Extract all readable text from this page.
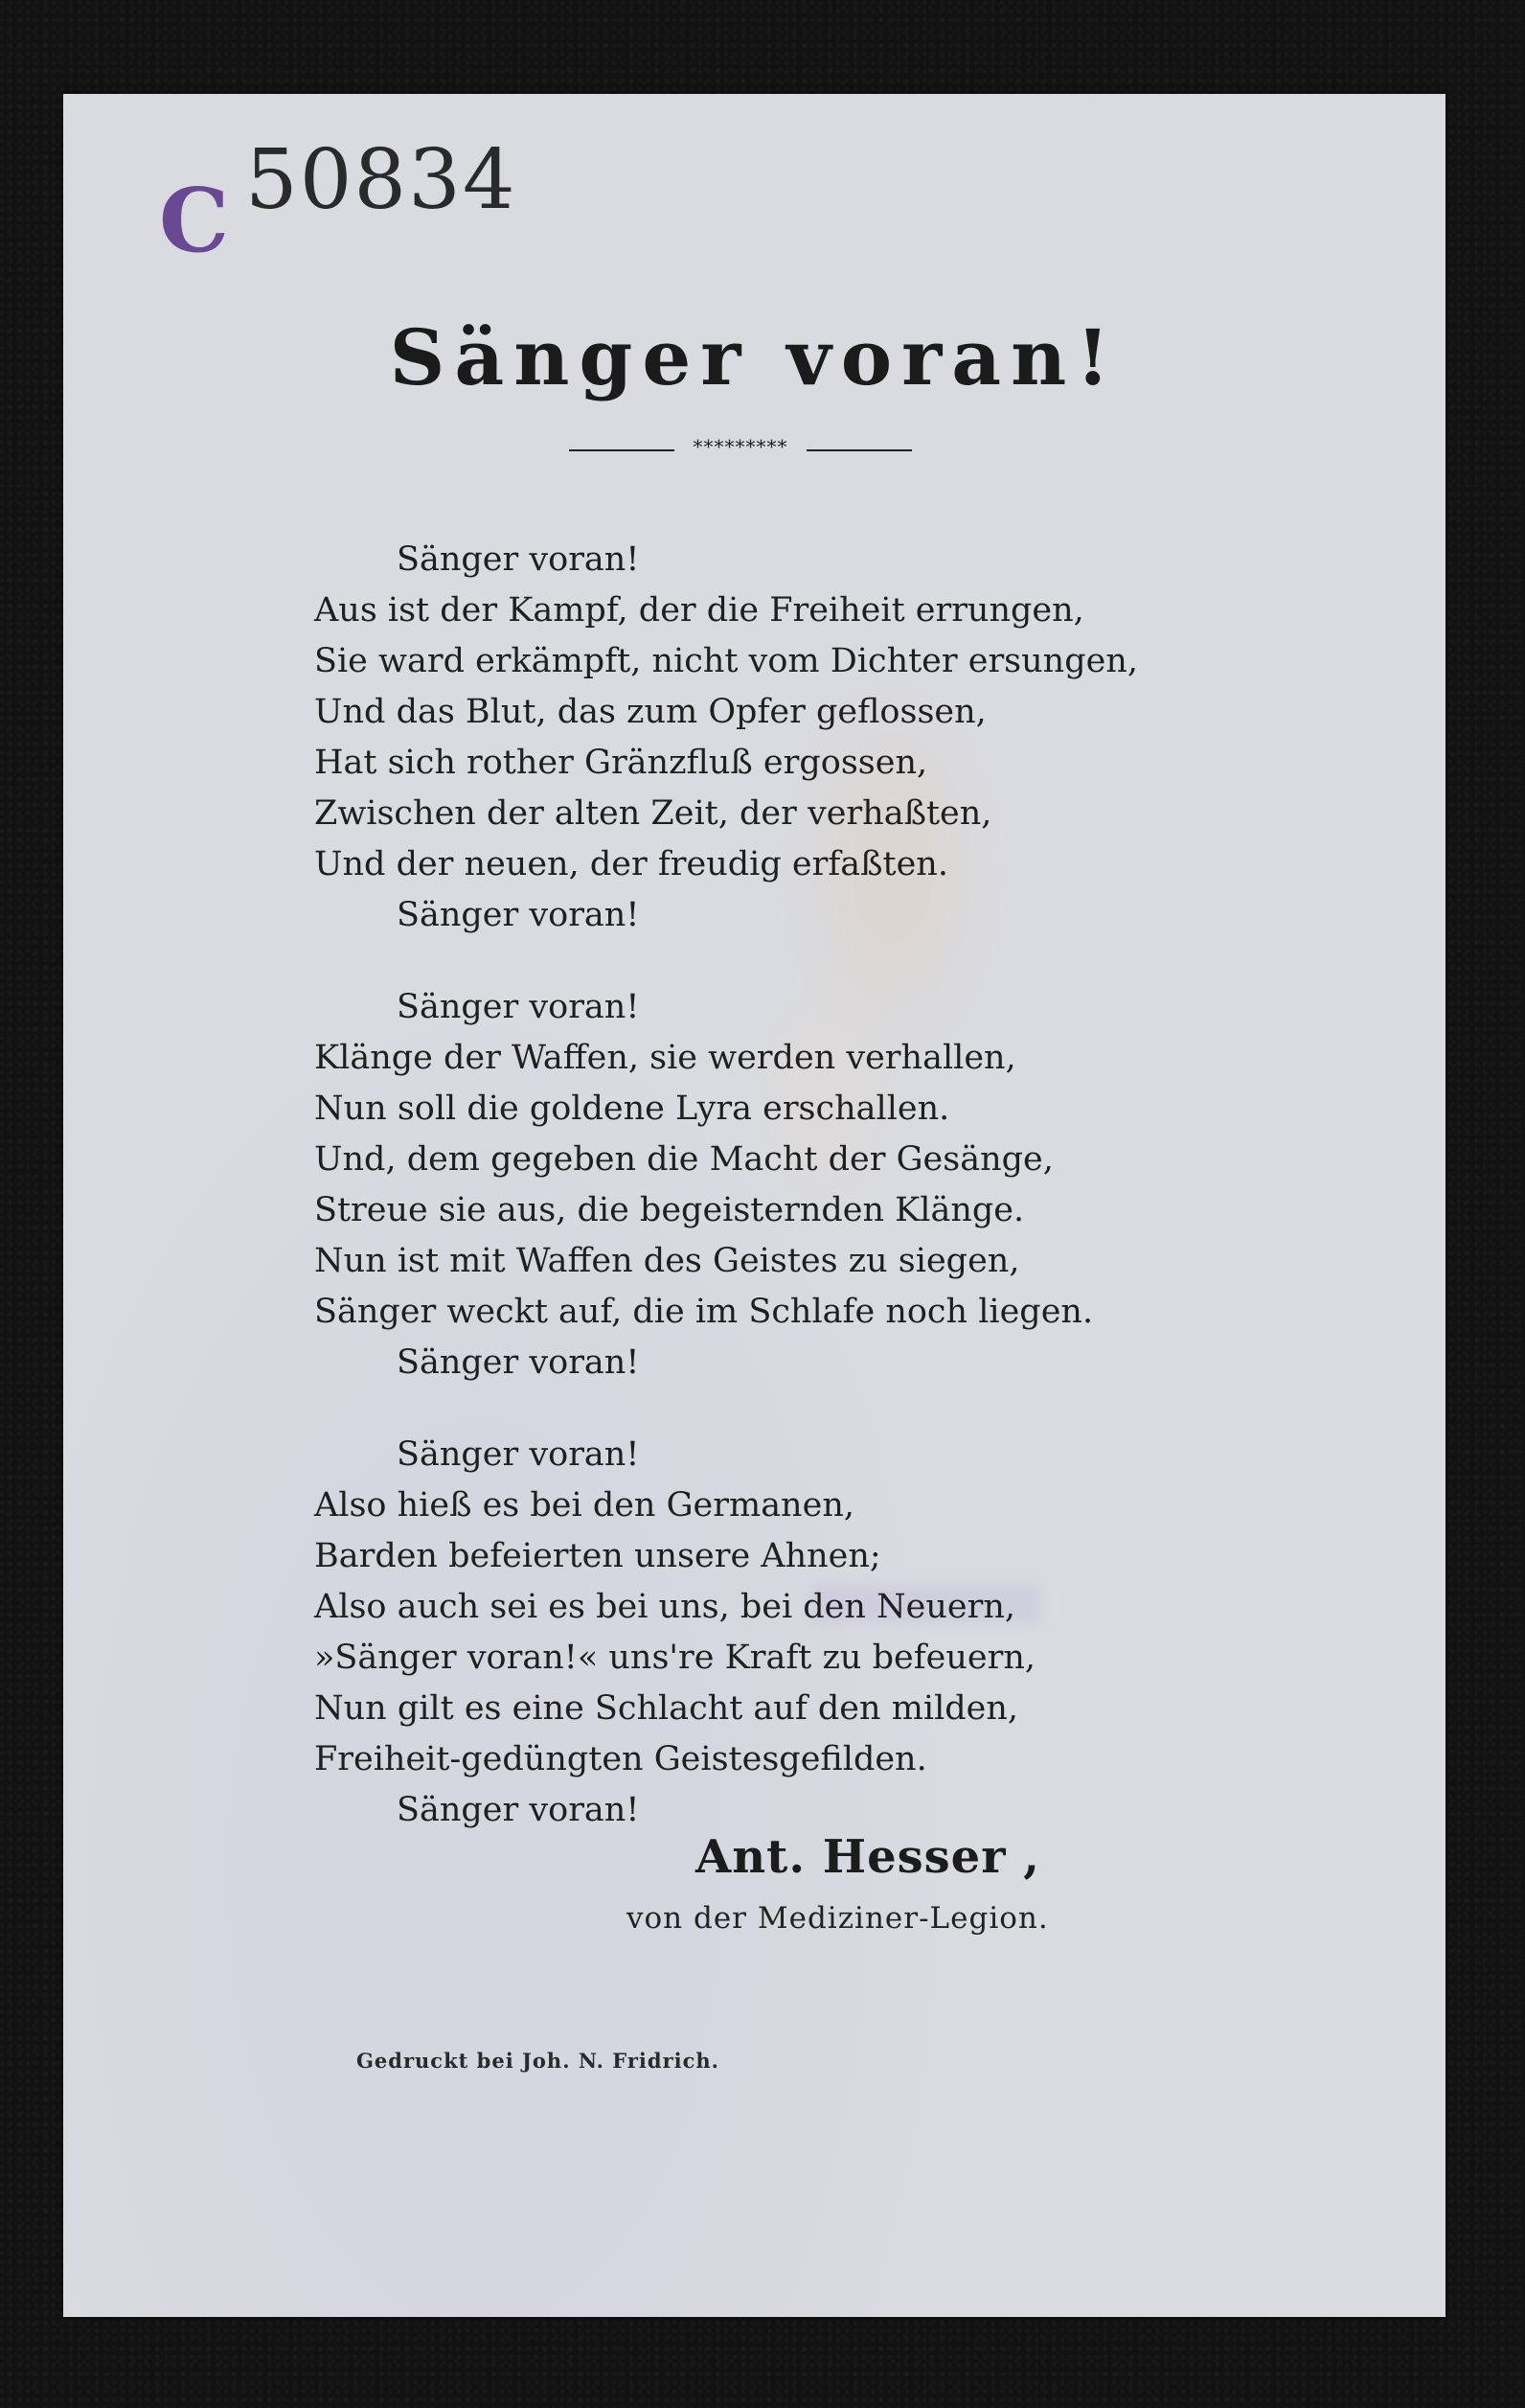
C 50834
Sänger voran!
*********
Sänger voran!
Aus ist der Kampf, der die Freiheit errungen,
Sie ward erkämpft, nicht vom Dichter ersungen,
Und das Blut, das zum Opfer geflossen,
Hat sich rother Gränzfluß ergossen,
Zwischen der alten Zeit, der verhaßten,
Und der neuen, der freudig erfaßten.
Sänger voran!
Sänger voran!
Klänge der Waffen, sie werden verhallen,
Nun soll die goldene Lyra erschallen.
Und, dem gegeben die Macht der Gesänge,
Streue sie aus, die begeisternden Klänge.
Nun ist mit Waffen des Geistes zu siegen,
Sänger weckt auf, die im Schlafe noch liegen.
Sänger voran!
Sänger voran!
Also hieß es bei den Germanen,
Barden befeierten unsere Ahnen;
Also auch sei es bei uns, bei den Neuern,
»Sänger voran!« uns're Kraft zu befeuern,
Nun gilt es eine Schlacht auf den milden,
Freiheit-gedüngten Geistesgefilden.
Sänger voran!
Ant. Hesser ,
von der Mediziner-Legion.
Gedruckt bei Joh. N. Fridrich.
